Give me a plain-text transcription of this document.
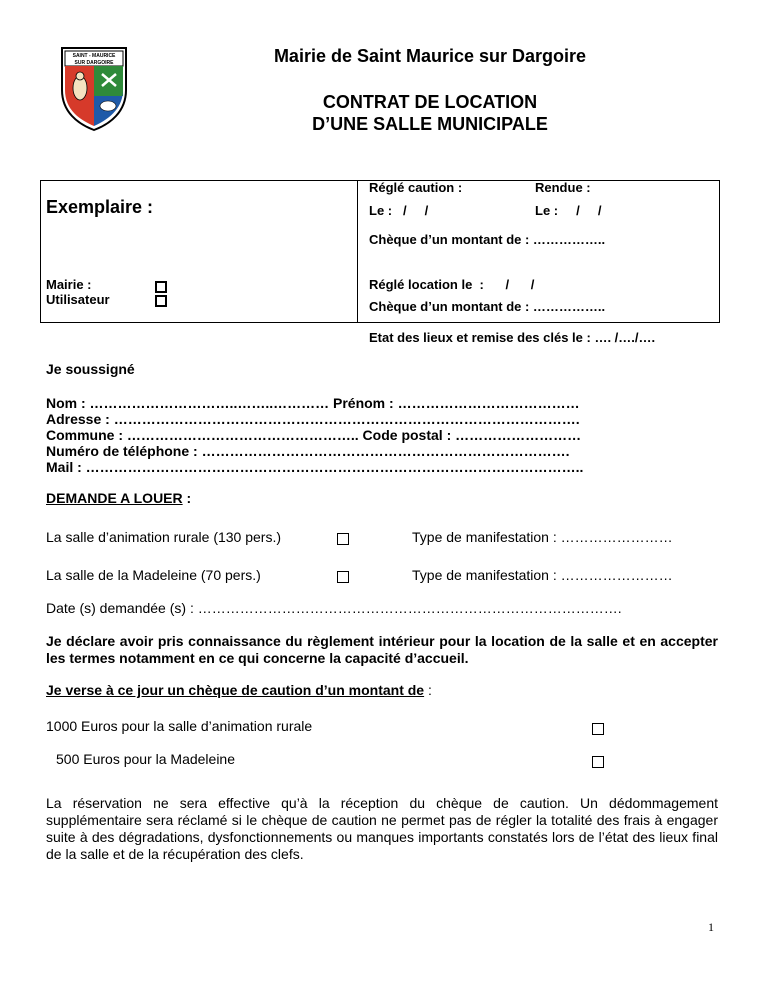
SAINT - MAURICE
SUR DARGOIRE	Mairie de Saint Maurice sur Dargoire
CONTRAT DE LOCATION
D’UNE SALLE MUNICIPALE
Exemplaire :
Mairie :
Utilisateur
Réglé caution :	Rendue :
Le :   /     /	Le :     /     /
Chèque d’un montant de : ……………..
Réglé location le  :      /      /
Chèque d’un montant de : ……………..
Etat des lieux et remise des clés le : …. /…./….
Je soussigné
Nom : …………………………..……..………… Prénom : …………………………………
Adresse : ……………………………………………………………………………………….
Commune : ………………………………………….. Code postal : ………………………
Numéro de téléphone : …………………………………………………………………….
Mail : ……………………………………………………………………………………………..
DEMANDE A LOUER :
La salle d’animation rurale (130 pers.)	Type de manifestation : ……………………
La salle de la Madeleine (70 pers.)	Type de manifestation : ……………………
Date (s) demandée (s) : ……………………………………………………………………………….
Je déclare avoir pris connaissance du règlement intérieur pour la location de la salle et en accepter les termes notamment en ce qui concerne la capacité d’accueil.
Je verse à ce jour un chèque de caution d’un montant de :
1000 Euros pour la salle d’animation rurale
500 Euros pour la Madeleine
La réservation ne sera effective qu’à la réception du chèque de caution. Un dédommagement supplémentaire sera réclamé si le chèque de caution ne permet pas de régler la totalité des frais à engager suite à des dégradations, dysfonctionnements ou manques importants constatés lors de l’état des lieux final de la salle et de la récupération des clefs.
1
